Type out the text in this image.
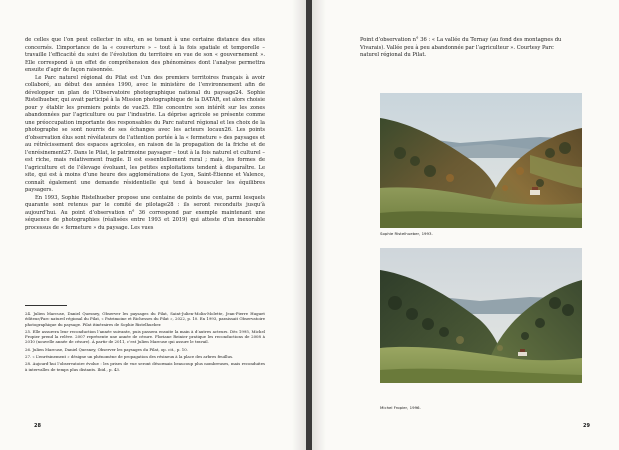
de celles que l’on peut collecter in situ, en se tenant à une certaine distance des sites concernés. L’importance de la « couverture » – tout à la fois spatiale et temporelle – travaille l’efficacité du suivi de l’évolution du territoire en vue de son « gouvernement ». Elle correspond à un effet de compréhension des phénomènes dont l’analyse permettra ensuite d’agir de façon raisonnée.

Le Parc naturel régional du Pilat est l’un des premiers territoires français à avoir collaboré, au début des années 1990, avec le ministère de l’environnement afin de développer un plan de l’Observatoire photographique national du paysage24. Sophie Ristelhueber, qui avait participé à la Mission photographique de la DATAR, est alors choisie pour y établir les premiers points de vue25. Elle concentre son intérêt sur les zones abandonnées par l’agriculture ou par l’industrie. La déprise agricole se présente comme une préoccupation importante des responsables du Parc naturel régional et les choix de la photographe se sont nourris de ses échanges avec les acteurs locaux26. Les points d’observation élus sont révélateurs de l’attention portée à la « fermeture » des paysages et au rétrécissement des espaces agricoles, en raison de la propagation de la friche et de l’enrésinement27. Dans le Pilat, le patrimoine paysager – tout à la fois naturel et culturel – est riche, mais relativement fragile. Il est essentiellement rural ; mais, les formes de l’agriculture et de l’élevage évoluant, les petites exploitations tendent à disparaître. Le site, qui est à moins d’une heure des agglomérations de Lyon, Saint-Étienne et Valence, connaît également une demande résidentielle qui tend à bousculer les équilibres paysagers.

En 1993, Sophie Ristelhueber propose une centaine de points de vue, parmi lesquels quarante sont retenus par le comité de pilotage28 : ils seront reconduits jusqu’à aujourd’hui. Au point d’observation n° 36 correspond par exemple maintenant une séquence de photographies (réalisées entre 1993 et 2019) qui atteste d’un inexorable processus de « fermeture » du paysage. Les vues

24. Julien Marcuse, Daniel Quesney, Observer les paysages du Pilat, Saint-Julien-Molin-Molette, Jean-Pierre Huguet éditeur/Parc naturel régional du Pilat, « Patrimoine et Richesses du Pilat », 2022, p. 10. En 1993, paraissait Observatoire photographique du paysage. Pilat itinéraires de Sophie Ristelhueber.

25. Elle assurera leur reconduction l’année suivante, puis passera ensuite la main à d’autres acteurs. Dès 1995, Michel Fropier prend la relève. 2007 représente une année de césure. Floriane Reinier pratique les reconductions de 2008 à 2010 (nouvelle année de césure). À partir de 2011, c’est Julien Marcuse qui assure le travail.

26. Julien Marcuse, Daniel Quesney, Observer les paysages du Pilat, op. cit., p. 10.

27. « L’enrésinement » désigne un phénomène de propagation des résineux à la place des arbres feuillus.

28. Aujourd’hui l’observatoire évolue : les prises de vue seront désormais beaucoup plus nombreuses, mais reconduites à intervalles de temps plus distants. Ibid., p. 43.

28
Point d’observation n° 36 : « La vallée du Ternay (au fond des montagnes du Vivarais). Vallée peu à peu abandonnée par l’agriculteur ». Courtesy Parc naturel régional du Pilat.
Sophie Ristelhueber, 1993.
Michel Fropier, 1996.
29
